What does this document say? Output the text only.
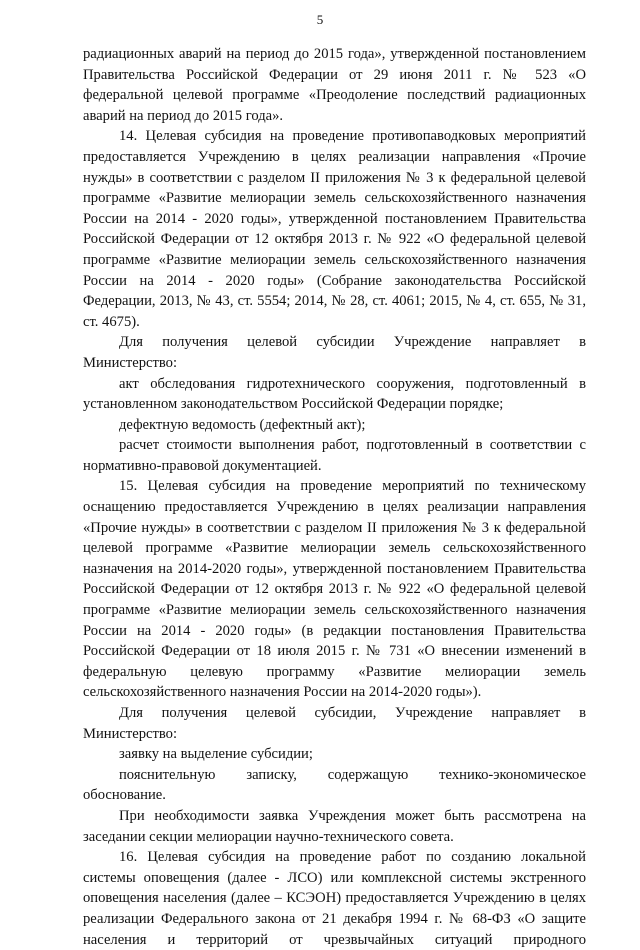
5

радиационных аварий на период до 2015 года», утвержденной постановлением Правительства Российской Федерации от 29 июня 2011 г. № 523 «О федеральной целевой программе «Преодоление последствий радиационных аварий на период до 2015 года».

14. Целевая субсидия на проведение противопаводковых мероприятий предоставляется Учреждению в целях реализации направления «Прочие нужды» в соответствии с разделом II приложения № 3 к федеральной целевой программе «Развитие мелиорации земель сельскохозяйственного назначения России на 2014 - 2020 годы», утвержденной постановлением Правительства Российской Федерации от 12 октября 2013 г. № 922 «О федеральной целевой программе «Развитие мелиорации земель сельскохозяйственного назначения России на 2014 - 2020 годы» (Собрание законодательства Российской Федерации, 2013, № 43, ст. 5554; 2014, № 28, ст. 4061; 2015, № 4, ст. 655, № 31, ст. 4675).

Для получения целевой субсидии Учреждение направляет в Министерство:

акт обследования гидротехнического сооружения, подготовленный в установленном законодательством Российской Федерации порядке;

дефектную ведомость (дефектный акт);

расчет стоимости выполнения работ, подготовленный в соответствии с нормативно-правовой документацией.

15. Целевая субсидия на проведение мероприятий по техническому оснащению предоставляется Учреждению в целях реализации направления «Прочие нужды» в соответствии с разделом II приложения № 3 к федеральной целевой программе «Развитие мелиорации земель сельскохозяйственного назначения на 2014-2020 годы», утвержденной постановлением Правительства Российской Федерации от 12 октября 2013 г. № 922 «О федеральной целевой программе «Развитие мелиорации земель сельскохозяйственного назначения России на 2014 - 2020 годы» (в редакции постановления Правительства Российской Федерации от 18 июля 2015 г. № 731 «О внесении изменений в федеральную целевую программу «Развитие мелиорации земель сельскохозяйственного назначения России на 2014-2020 годы»).

Для получения целевой субсидии, Учреждение направляет в Министерство:

заявку на выделение субсидии;

пояснительную записку, содержащую технико-экономическое обоснование.

При необходимости заявка Учреждения может быть рассмотрена на заседании секции мелиорации научно-технического совета.

16. Целевая субсидия на проведение работ по созданию локальной системы оповещения (далее - ЛСО) или комплексной системы экстренного оповещения населения (далее – КСЭОН) предоставляется Учреждению в целях реализации Федерального закона от 21 декабря 1994 г. № 68-ФЗ «О защите населения и территорий от чрезвычайных ситуаций природного
